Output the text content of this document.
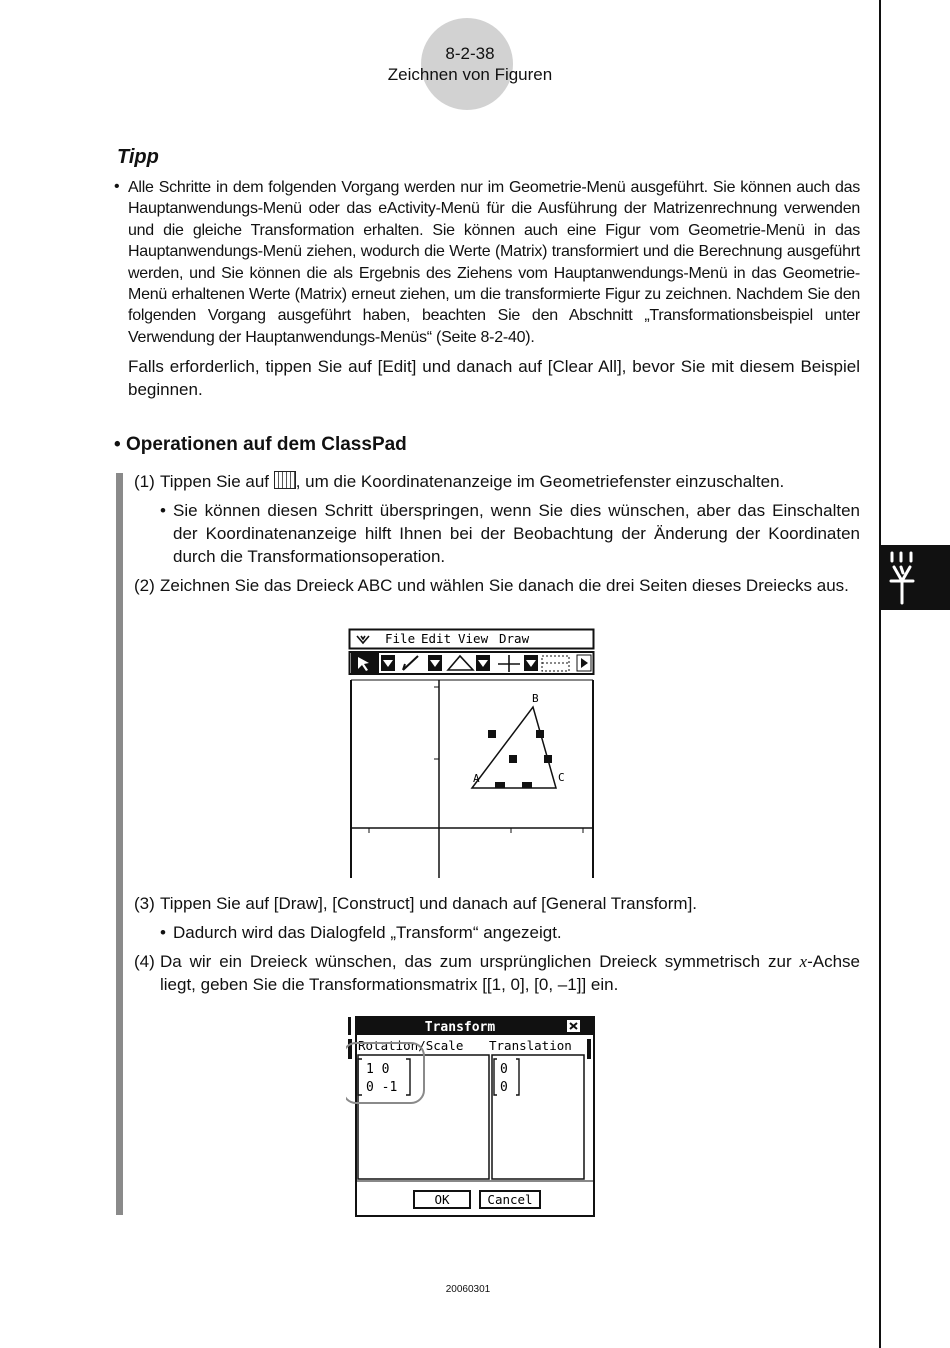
8-2-38
Zeichnen von Figuren
Tipp
• Alle Schritte in dem folgenden Vorgang werden nur im Geometrie-Menü ausgeführt. Sie können auch das Hauptanwendungs-Menü oder das eActivity-Menü für die Ausführung der Matrizenrechnung verwenden und die gleiche Transformation erhalten. Sie können auch eine Figur vom Geometrie-Menü in das Hauptanwendungs-Menü ziehen, wodurch die Werte (Matrix) transformiert und die Berechnung ausgeführt werden, und Sie können die als Ergebnis des Ziehens vom Hauptanwendungs-Menü in das Geometrie-Menü erhaltenen Werte (Matrix) erneut ziehen, um die transformierte Figur zu zeichnen. Nachdem Sie den folgenden Vorgang ausgeführt haben, beachten Sie den Abschnitt „Transformationsbeispiel unter Verwendung der Hauptanwendungs-Menüs“ (Seite 8-2-40).
Falls erforderlich, tippen Sie auf [Edit] und danach auf [Clear All], bevor Sie mit diesem Beispiel beginnen.
• Operationen auf dem ClassPad
(1) Tippen Sie auf , um die Koordinatenanzeige im Geometriefenster einzuschalten.
• Sie können diesen Schritt überspringen, wenn Sie dies wünschen, aber das Einschalten der Koordinatenanzeige hilft Ihnen bei der Beobachtung der Änderung der Koordinaten durch die Transformationsoperation.
(2) Zeichnen Sie das Dreieck ABC und wählen Sie danach die drei Seiten dieses Dreiecks aus.
File Edit View Draw
A
B
C
(3) Tippen Sie auf [Draw], [Construct] und danach auf [General Transform].
• Dadurch wird das Dialogfeld „Transform“ angezeigt.
(4) Da wir ein Dreieck wünschen, das zum ursprünglichen Dreieck symmetrisch zur x-Achse liegt, geben Sie die Transformationsmatrix [[1, 0], [0, –1]] ein.
Transform
Rotation/Scale Translation
1 0
0 -1
0
0
OK	Cancel
20060301
